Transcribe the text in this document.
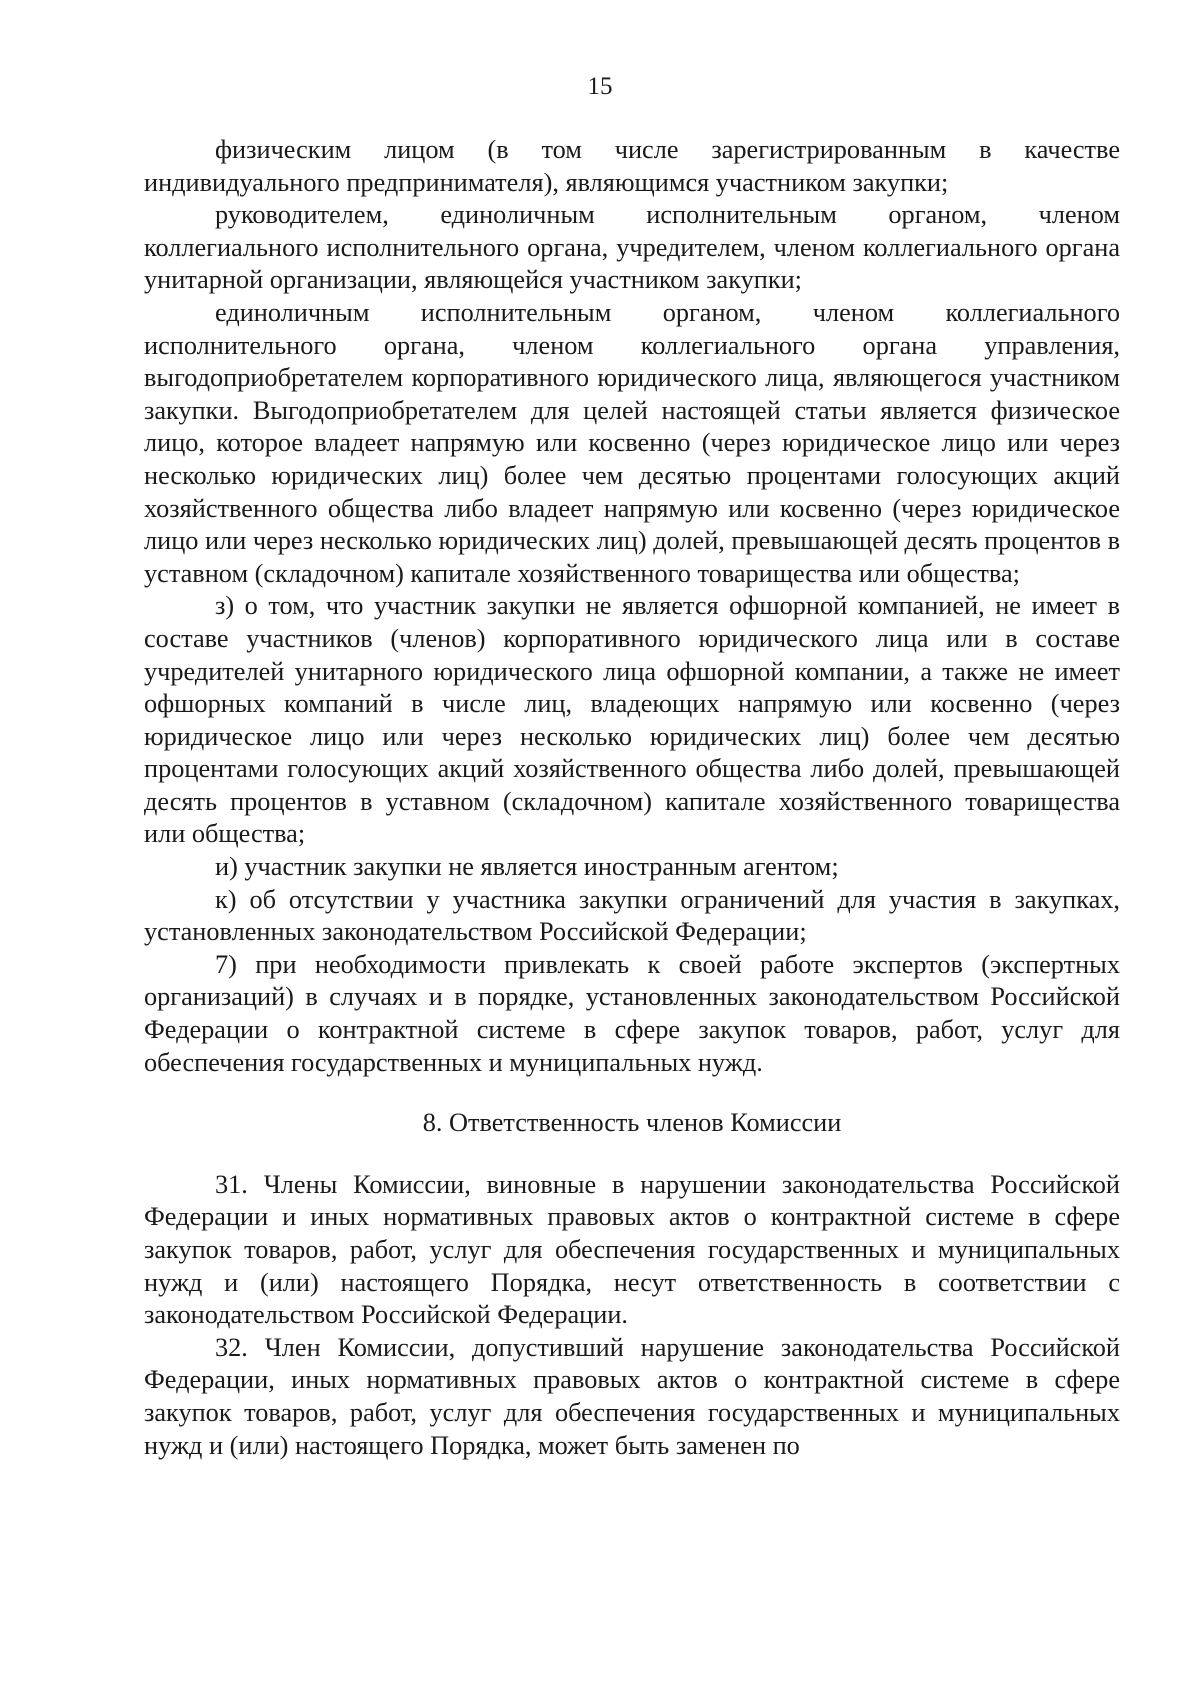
15

физическим лицом (в том числе зарегистрированным в качестве индивидуального предпринимателя), являющимся участником закупки;

руководителем, единоличным исполнительным органом, членом коллегиального исполнительного органа, учредителем, членом коллегиального органа унитарной организации, являющейся участником закупки;

единоличным исполнительным органом, членом коллегиального исполнительного органа, членом коллегиального органа управления, выгодоприобретателем корпоративного юридического лица, являющегося участником закупки. Выгодоприобретателем для целей настоящей статьи является физическое лицо, которое владеет напрямую или косвенно (через юридическое лицо или через несколько юридических лиц) более чем десятью процентами голосующих акций хозяйственного общества либо владеет напрямую или косвенно (через юридическое лицо или через несколько юридических лиц) долей, превышающей десять процентов в уставном (складочном) капитале хозяйственного товарищества или общества;

з) о том, что участник закупки не является офшорной компанией, не имеет в составе участников (членов) корпоративного юридического лица или в составе учредителей унитарного юридического лица офшорной компании, а также не имеет офшорных компаний в числе лиц, владеющих напрямую или косвенно (через юридическое лицо или через несколько юридических лиц) более чем десятью процентами голосующих акций хозяйственного общества либо долей, превышающей десять процентов в уставном (складочном) капитале хозяйственного товарищества или общества;

и) участник закупки не является иностранным агентом;

к) об отсутствии у участника закупки ограничений для участия в закупках, установленных законодательством Российской Федерации;

7) при необходимости привлекать к своей работе экспертов (экспертных организаций) в случаях и в порядке, установленных законодательством Российской Федерации о контрактной системе в сфере закупок товаров, работ, услуг для обеспечения государственных и муниципальных нужд.

8. Ответственность членов Комиссии

31. Члены Комиссии, виновные в нарушении законодательства Российской Федерации и иных нормативных правовых актов о контрактной системе в сфере закупок товаров, работ, услуг для обеспечения государственных и муниципальных нужд и (или) настоящего Порядка, несут ответственность в соответствии с законодательством Российской Федерации.

32. Член Комиссии, допустивший нарушение законодательства Российской Федерации, иных нормативных правовых актов о контрактной системе в сфере закупок товаров, работ, услуг для обеспечения государственных и муниципальных нужд и (или) настоящего Порядка, может быть заменен по
